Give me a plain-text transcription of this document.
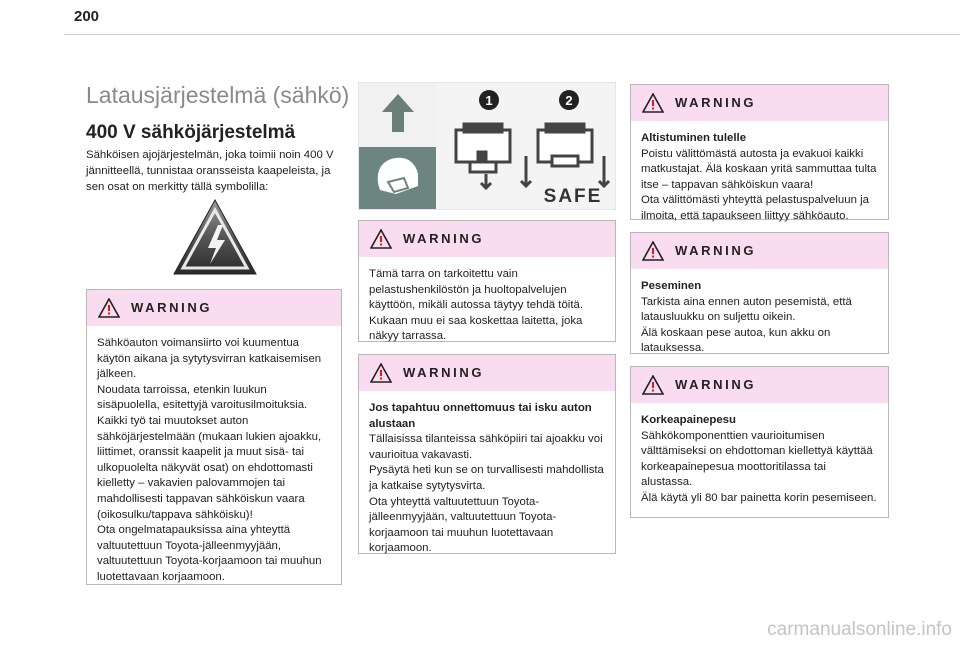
200
Latausjärjestelmä (sähkö)
400 V sähköjärjestelmä

Sähköisen ajojärjestelmän, joka toimii noin 400 V jännitteellä, tunnistaa oransseista kaapeleista, ja sen osat on merkitty tällä symbolilla:

WARNING

Sähköauton voimansiirto voi kuumentua käytön aikana ja sytytysvirran katkaisemisen jälkeen.

Noudata tarroissa, etenkin luukun sisäpuolella, esitettyjä varoitusilmoituksia.

Kaikki työ tai muutokset auton sähköjärjestelmään (mukaan lukien ajoakku, liittimet, oranssit kaapelit ja muut sisä- tai ulkopuolelta näkyvät osat) on ehdottomasti kielletty – vakavien palovammojen tai mahdollisesti tappavan sähköiskun vaara (oikosulku/tappava sähköisku)!

Ota ongelmatapauksissa aina yhteyttä valtuutettuun Toyota-jälleenmyyjään, valtuutettuun Toyota-korjaamoon tai muuhun luotettavaan korjaamoon.

1	2
SAFE
WARNING

Tämä tarra on tarkoitettu vain pelastushenkilöstön ja huoltopalvelujen käyttöön, mikäli autossa täytyy tehdä töitä.

Kukaan muu ei saa koskettaa laitetta, joka näkyy tarrassa.

WARNING

Jos tapahtuu onnettomuus tai isku auton alustaan

Tällaisissa tilanteissa sähköpiiri tai ajoakku voi vaurioitua vakavasti.

Pysäytä heti kun se on turvallisesti mahdollista ja katkaise sytytysvirta.

Ota yhteyttä valtuutettuun Toyota-jälleenmyyjään, valtuutettuun Toyota-korjaamoon tai muuhun luotettavaan korjaamoon.

WARNING

Altistuminen tulelle

Poistu välittömästä autosta ja evakuoi kaikki matkustajat. Älä koskaan yritä sammuttaa tulta itse – tappavan sähköiskun vaara!

Ota välittömästi yhteyttä pelastuspalveluun ja ilmoita, että tapaukseen liittyy sähköauto.

WARNING

Peseminen

Tarkista aina ennen auton pesemistä, että latausluukku on suljettu oikein.

Älä koskaan pese autoa, kun akku on latauksessa.

WARNING

Korkeapainepesu

Sähkökomponenttien vaurioitumisen välttämiseksi on ehdottoman kiellettyä käyttää korkeapainepesua moottoritilassa tai alustassa.

Älä käytä yli 80 bar painetta korin pesemiseen.

carmanualsonline.info
